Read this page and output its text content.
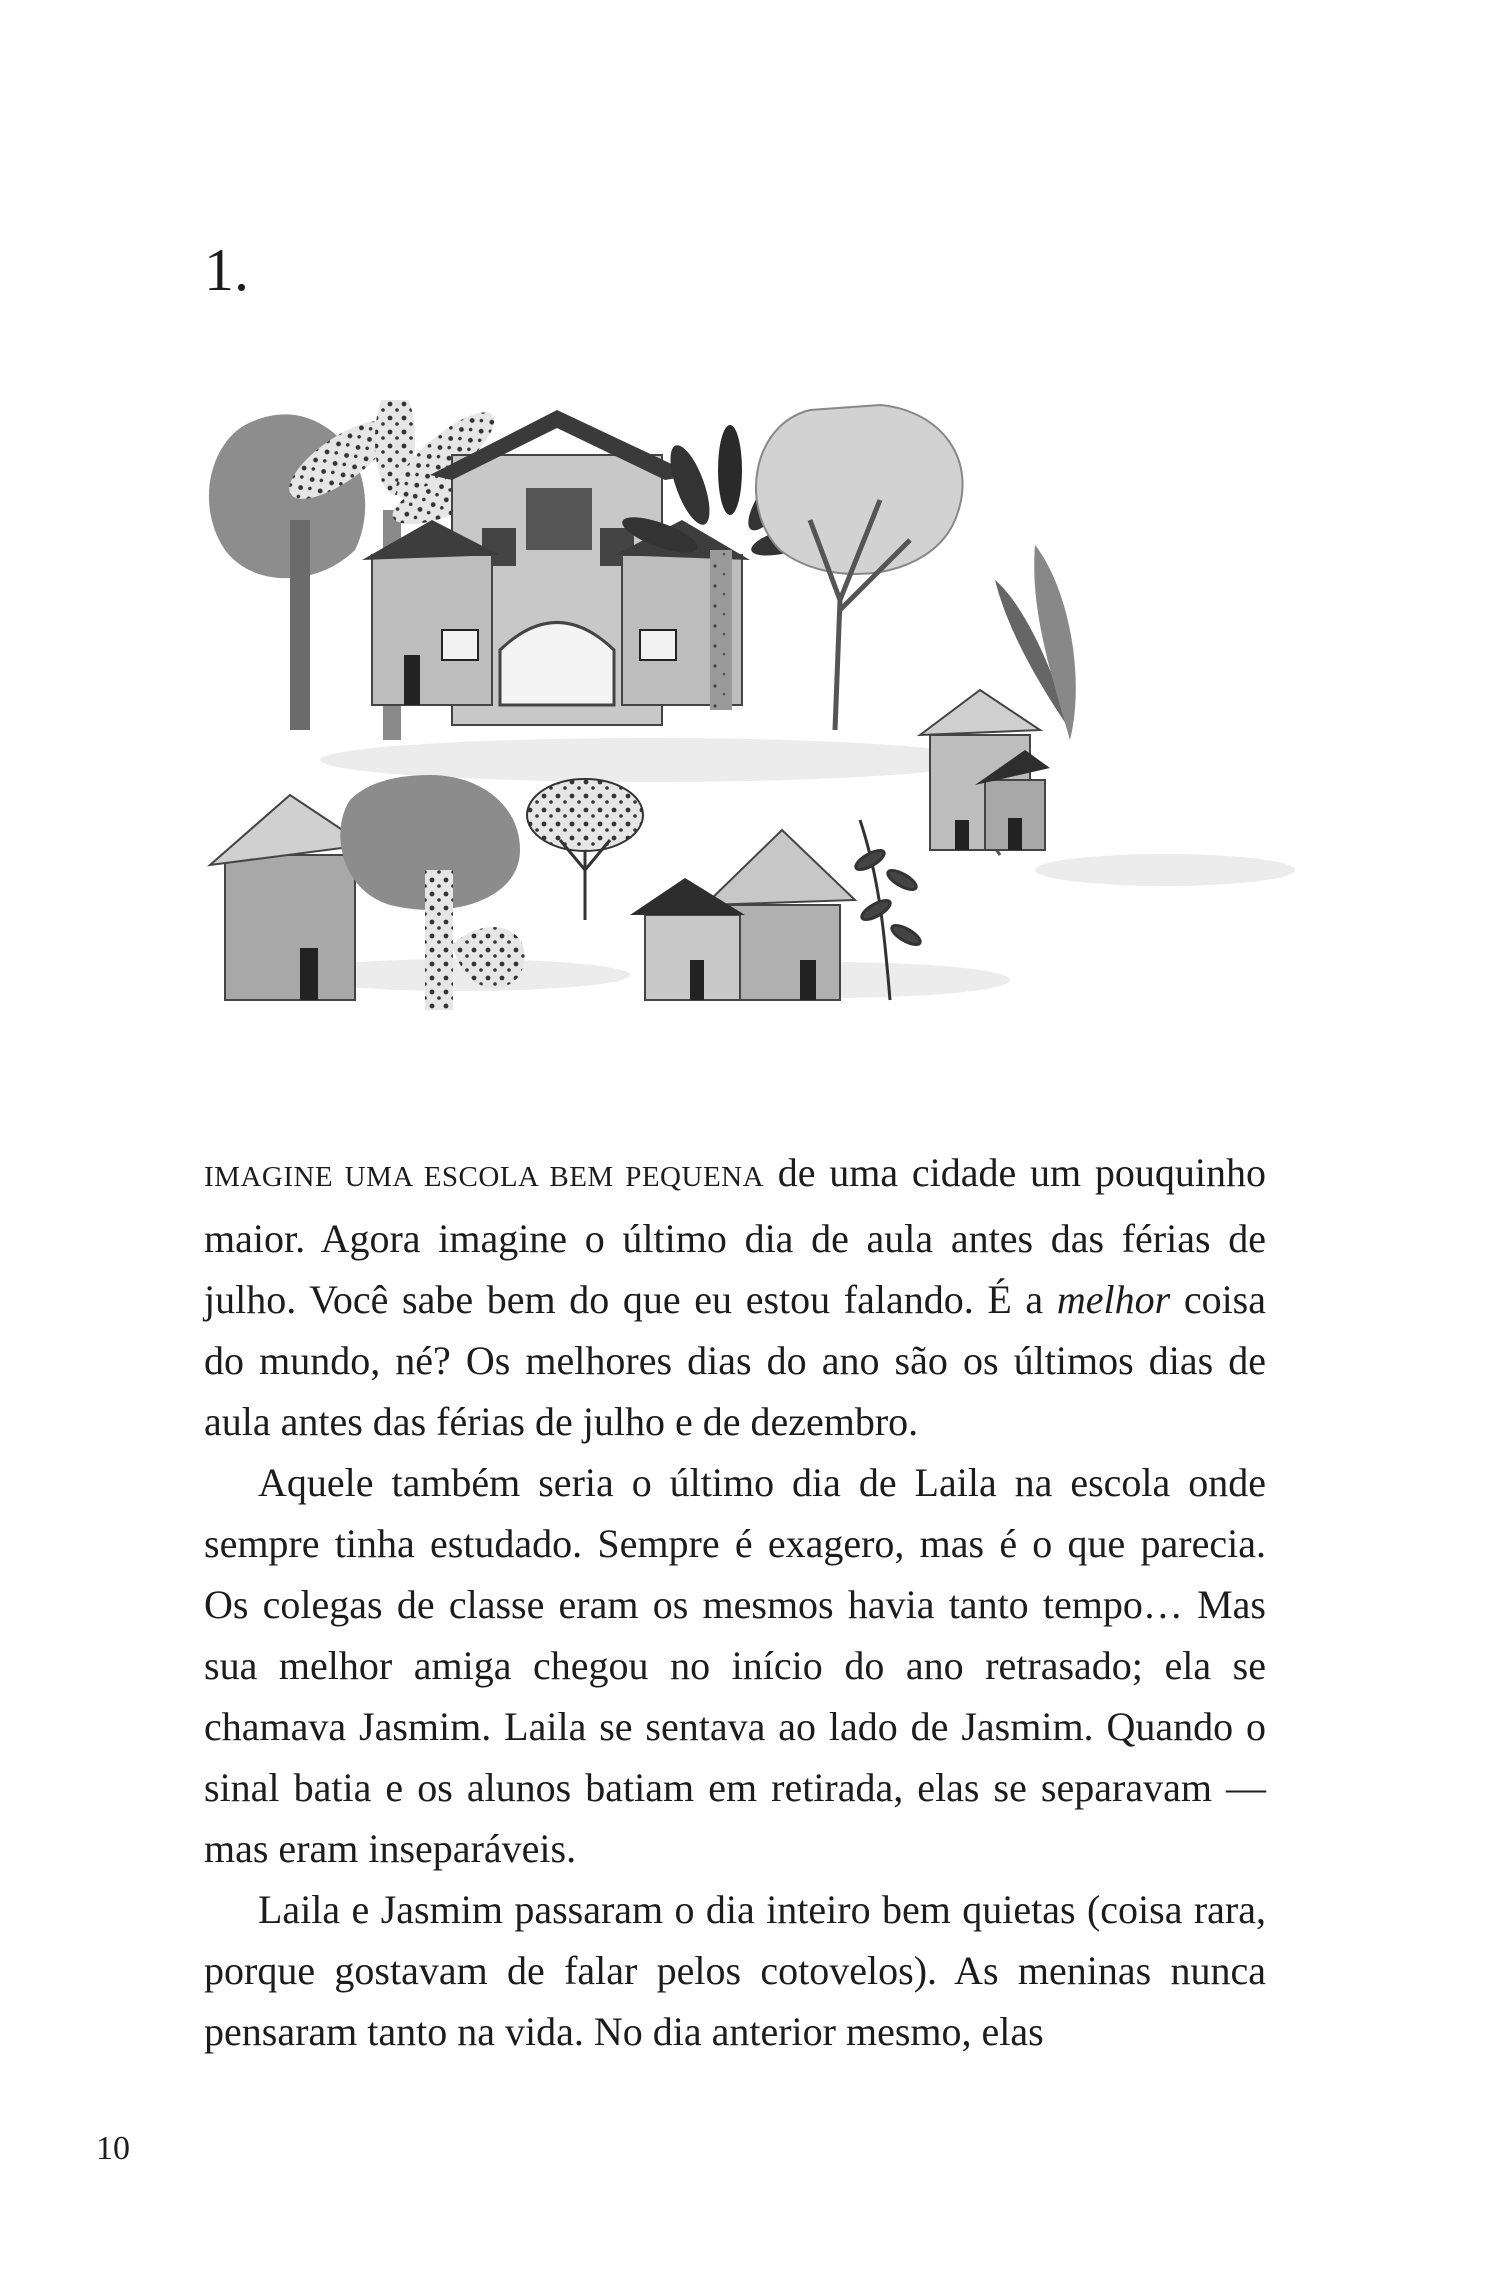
1.

IMAGINE UMA ESCOLA BEM PEQUENA de uma cidade um pouquinho maior. Agora imagine o último dia de aula antes das férias de julho. Você sabe bem do que eu estou falando. É a melhor coisa do mundo, né? Os melhores dias do ano são os últimos dias de aula antes das férias de julho e de dezembro.

Aquele também seria o último dia de Laila na escola onde sempre tinha estudado. Sempre é exagero, mas é o que parecia. Os colegas de classe eram os mesmos havia tanto tempo… Mas sua melhor amiga chegou no início do ano retrasado; ela se chamava Jasmim. Laila se sentava ao lado de Jasmim. Quando o sinal batia e os alunos batiam em retirada, elas se separavam — mas eram inseparáveis.

Laila e Jasmim passaram o dia inteiro bem quietas (coisa rara, porque gostavam de falar pelos cotovelos). As meninas nunca pensaram tanto na vida. No dia anterior mesmo, elas

10
